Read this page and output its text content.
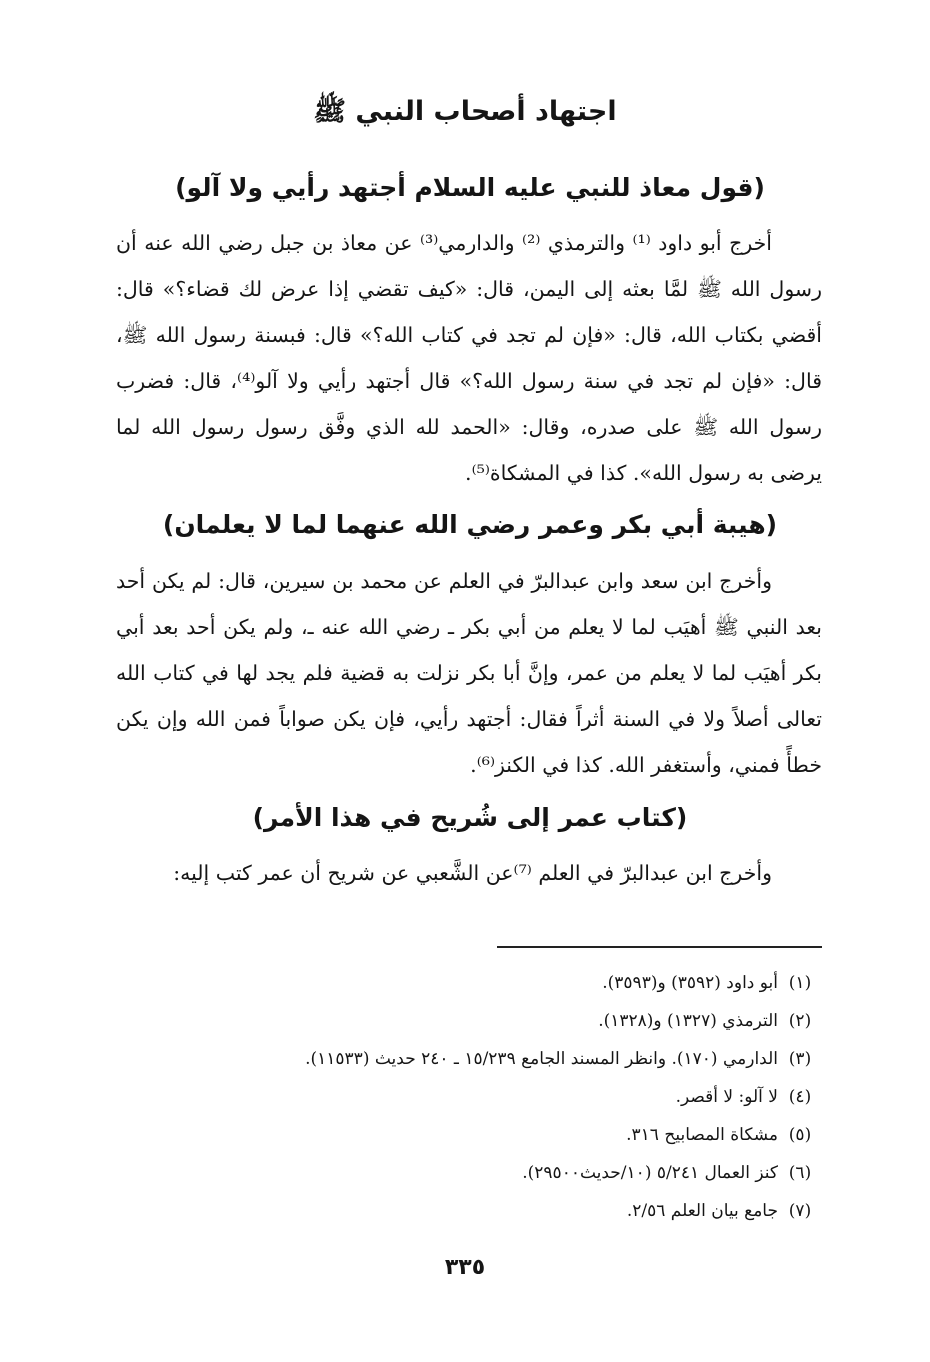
اجتهاد أصحاب النبي ﷺ
(قول معاذ للنبي عليه السلام أجتهد رأيي ولا آلو)

أخرج أبو داود ⁽¹⁾ والترمذي ⁽²⁾ والدارمي⁽³⁾ عن معاذ بن جبل رضي الله عنه أن رسول الله ﷺ لمَّا بعثه إلى اليمن، قال: «كيف تقضي إذا عرض لك قضاء؟» قال: أقضي بكتاب الله، قال: «فإن لم تجد في كتاب الله؟» قال: فبسنة رسول الله ﷺ، قال: «فإن لم تجد في سنة رسول الله؟» قال أجتهد رأيي ولا آلو⁽⁴⁾، قال: فضرب رسول الله ﷺ على صدره، وقال: «الحمد لله الذي وفَّق رسول رسول الله لما يرضى به رسول الله». كذا في المشكاة⁽⁵⁾.

(هيبة أبي بكر وعمر رضي الله عنهما لما لا يعلمان)

وأخرج ابن سعد وابن عبدالبرّ في العلم عن محمد بن سيرين، قال: لم يكن أحد بعد النبي ﷺ أهيَب لما لا يعلم من أبي بكر ـ رضي الله عنه ـ، ولم يكن أحد بعد أبي بكر أهيَب لما لا يعلم من عمر، وإنَّ أبا بكر نزلت به قضية فلم يجد لها في كتاب الله تعالى أصلاً ولا في السنة أثراً فقال: أجتهد رأيي، فإن يكن صواباً فمن الله وإن يكن خطأً فمني، وأستغفر الله. كذا في الكنز⁽⁶⁾.

(كتاب عمر إلى شُريح في هذا الأمر)

وأخرج ابن عبدالبرّ في العلم ⁽⁷⁾عن الشَّعبي عن شريح أن عمر كتب إليه:

(١)
أبو داود (٣٥٩٢) و(٣٥٩٣).
(٢)
الترمذي (١٣٢٧) و(١٣٢٨).
(٣)
الدارمي (١٧٠). وانظر المسند الجامع ١٥/٢٣٩ ـ ٢٤٠ حديث (١١٥٣٣).
(٤)
لا آلو: لا أقصر.
(٥)
مشكاة المصابيح ٣١٦.
(٦)
كنز العمال ٥/٢٤١ (١٠/حديث٢٩٥٠٠).
(٧)
جامع بيان العلم ٢/٥٦.
٣٣٥
